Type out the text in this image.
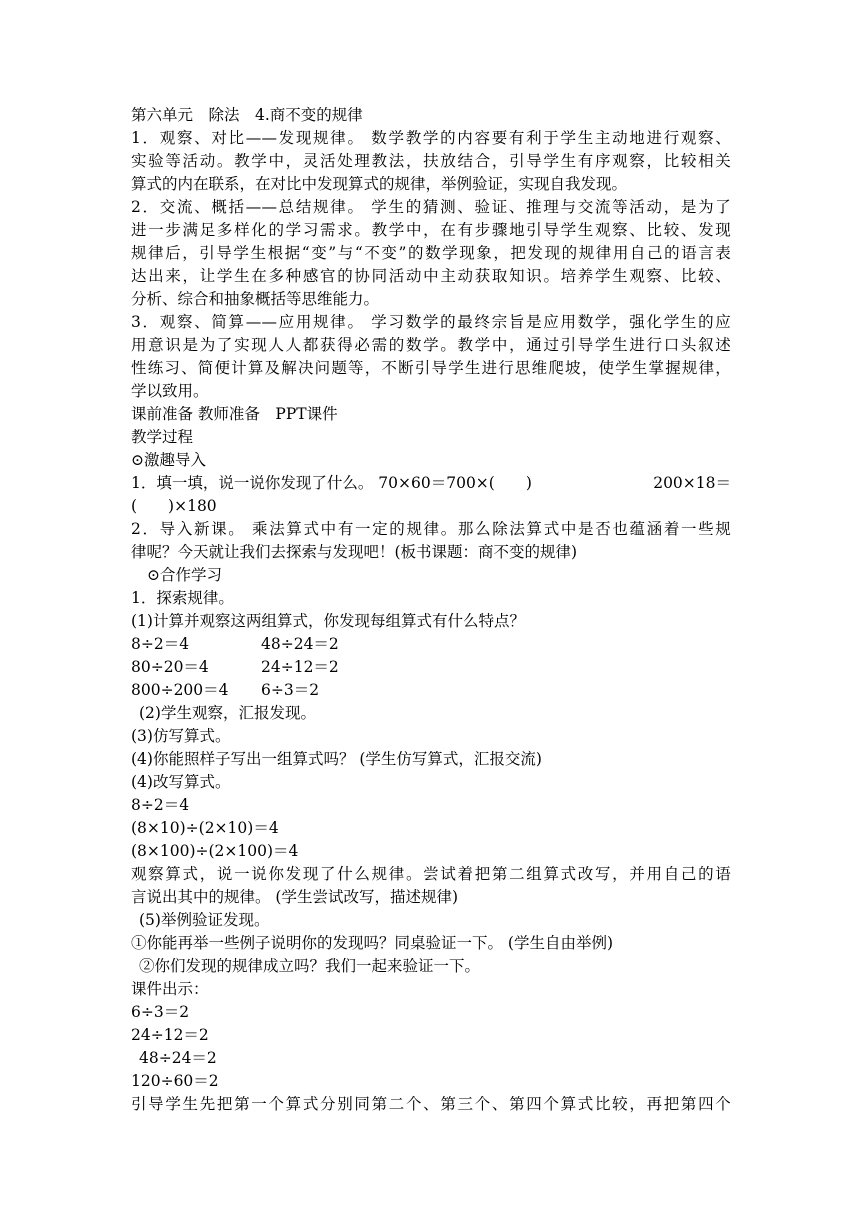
第六单元　除法　4.商不变的规律
1．观察、对比——发现规律。 数学教学的内容要有利于学生主动地进行观察、
实验等活动。教学中，灵活处理教法，扶放结合，引导学生有序观察，比较相关
算式的内在联系，在对比中发现算式的规律，举例验证，实现自我发现。
2．交流、概括——总结规律。 学生的猜测、验证、推理与交流等活动，是为了
进一步满足多样化的学习需求。教学中，在有步骤地引导学生观察、比较、发现
规律后，引导学生根据“变”与“不变”的数学现象，把发现的规律用自己的语言表
达出来，让学生在多种感官的协同活动中主动获取知识。培养学生观察、比较、
分析、综合和抽象概括等思维能力。
3．观察、简算——应用规律。 学习数学的最终宗旨是应用数学，强化学生的应
用意识是为了实现人人都获得必需的数学。教学中，通过引导学生进行口头叙述
性练习、简便计算及解决问题等，不断引导学生进行思维爬坡，使学生掌握规律，
学以致用。
课前准备 教师准备　PPT课件
教学过程
⊙激趣导入
1．填一填，说一说你发现了什么。 70×60＝700×(　　)	200×18＝
(　　)×180
2．导入新课。 乘法算式中有一定的规律。那么除法算式中是否也蕴涵着一些规
律呢？今天就让我们去探索与发现吧！(板书课题：商不变的规律)
⊙合作学习
1．探索规律。
(1)计算并观察这两组算式，你发现每组算式有什么特点？
8÷2＝4	48÷24＝2
80÷20＝4	24÷12＝2
800÷200＝4	6÷3＝2
(2)学生观察，汇报发现。
(3)仿写算式。
(4)你能照样子写出一组算式吗？ (学生仿写算式，汇报交流)
(4)改写算式。
8÷2＝4
(8×10)÷(2×10)＝4
(8×100)÷(2×100)＝4
观察算式，说一说你发现了什么规律。尝试着把第二组算式改写，并用自己的语
言说出其中的规律。 (学生尝试改写，描述规律)
(5)举例验证发现。
①你能再举一些例子说明你的发现吗？同桌验证一下。 (学生自由举例)
②你们发现的规律成立吗？我们一起来验证一下。
课件出示：
6÷3＝2
24÷12＝2
48÷24＝2
120÷60＝2
引导学生先把第一个算式分别同第二个、第三个、第四个算式比较，再把第四个
